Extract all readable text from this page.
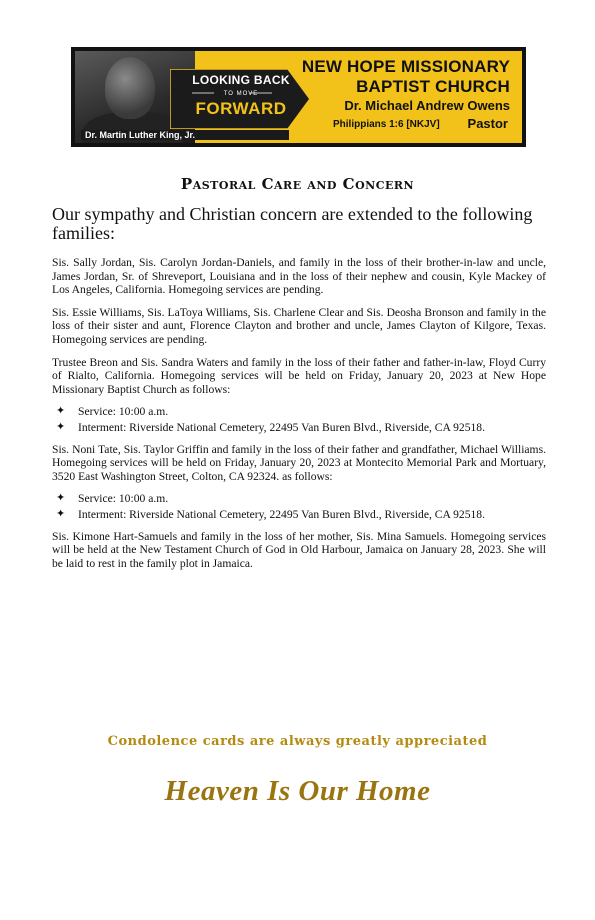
LOOKING BACK
TO MOVE
FORWARD
Dr. Martin Luther King, Jr.
NEW HOPE MISSIONARY
BAPTIST CHURCH
Dr. Michael Andrew Owens
Philippians 1:6 [NKJV] Pastor
Pastoral Care and Concern
Our sympathy and Christian concern are extended to the following families:

Sis. Sally Jordan, Sis. Carolyn Jordan-Daniels, and family in the loss of their brother-in-law and uncle, James Jordan, Sr. of Shreveport, Louisiana and in the loss of their nephew and cousin, Kyle Mackey of Los Angeles, California. Homegoing services are pending.

Sis. Essie Williams, Sis. LaToya Williams, Sis. Charlene Clear and Sis. Deosha Bronson and family in the loss of their sister and aunt, Florence Clayton and brother and uncle, James Clayton of Kilgore, Texas. Homegoing services are pending.

Trustee Breon and Sis. Sandra Waters and family in the loss of their father and father-in-law, Floyd Curry of Rialto, California. Homegoing services will be held on Friday, January 20, 2023 at New Hope Missionary Baptist Church as follows:

✦ Service: 10:00 a.m.
✦ Interment: Riverside National Cemetery, 22495 Van Buren Blvd., Riverside, CA 92518.

Sis. Noni Tate, Sis. Taylor Griffin and family in the loss of their father and grandfather, Michael Williams. Homegoing services will be held on Friday, January 20, 2023 at Montecito Memorial Park and Mortuary, 3520 East Washington Street, Colton, CA 92324. as follows:

✦ Service: 10:00 a.m.
✦ Interment: Riverside National Cemetery, 22495 Van Buren Blvd., Riverside, CA 92518.

Sis. Kimone Hart-Samuels and family in the loss of her mother, Sis. Mina Samuels. Homegoing services will be held at the New Testament Church of God in Old Harbour, Jamaica on January 28, 2023. She will be laid to rest in the family plot in Jamaica.

Condolence cards are always greatly appreciated
Heaven Is Our Home
